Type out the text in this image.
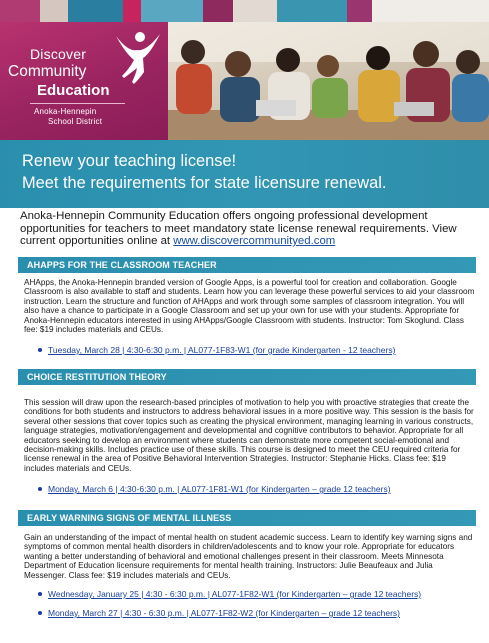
Discover
Community
Education
Anoka-Hennepin
School District
Renew your teaching license!
Meet the requirements for state licensure renewal.
Anoka-Hennepin Community Education offers ongoing professional development opportunities for teachers to meet mandatory state license renewal requirements. View current opportunities online at www.discovercommunityed.com
AHAPPS FOR THE CLASSROOM TEACHER
AHApps, the Anoka-Hennepin branded version of Google Apps, is a powerful tool for creation and collaboration. Google Classroom is also available to staff and students. Learn how you can leverage these powerful services to aid your classroom instruction. Learn the structure and function of AHApps and work through some samples of classroom integration. You will also have a chance to participate in a Google Classroom and set up your own for use with your students. Appropriate for Anoka-Hennepin educators interested in using AHApps/Google Classroom with students. Instructor: Tom Skoglund. Class fee: $19 includes materials and CEUs.
Tuesday, March 28 | 4:30-6:30 p.m. | AL077-1F83-W1 (for grade Kindergarten - 12 teachers)
CHOICE RESTITUTION THEORY
This session will draw upon the research-based principles of motivation to help you with proactive strategies that create the conditions for both students and instructors to address behavioral issues in a more positive way. This session is the basis for several other sessions that cover topics such as creating the physical environment, managing learning in various constructs, language strategies, motivation/engagement and developmental and cognitive contributors to behavior. Appropriate for all educators seeking to develop an environment where students can demonstrate more competent social-emotional and decision-making skills. Includes practice use of these skills. This course is designed to meet the CEU required criteria for license renewal in the area of Positive Behavioral Intervention Strategies. Instructor: Stephanie Hicks. Class fee: $19 includes materials and CEUs.
Monday, March 6 | 4:30-6:30 p.m. | AL077-1F81-W1 (for Kindergarten – grade 12 teachers)
EARLY WARNING SIGNS OF MENTAL ILLNESS
Gain an understanding of the impact of mental health on student academic success. Learn to identify key warning signs and symptoms of common mental health disorders in children/adolescents and to know your role. Appropriate for educators wanting a better understanding of behavioral and emotional challenges present in their classroom. Meets Minnesota Department of Education licensure requirements for mental health training. Instructors: Julie Beaufeaux and Julia Messenger. Class fee: $19 includes materials and CEUs.
Wednesday, January 25 | 4:30 - 6:30 p.m. | AL077-1F82-W1 (for Kindergarten – grade 12 teachers)
Monday, March 27 | 4:30 - 6:30 p.m. | AL077-1F82-W2 (for Kindergarten – grade 12 teachers)
